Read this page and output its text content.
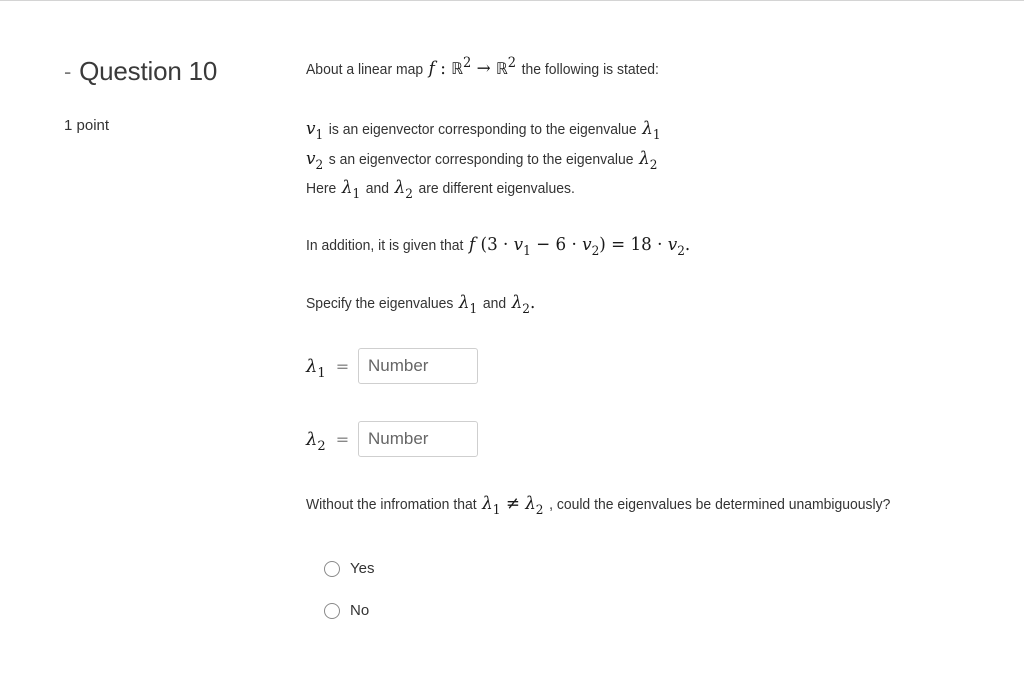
- Question 10
1 point
About a linear map f : ℝ$^2$ → ℝ$^2$ the following is stated:
$v_1$ is an eigenvector corresponding to the eigenvalue $\lambda_1$
$v_2$ s an eigenvector corresponding to the eigenvalue $\lambda_2$
Here $\lambda_1$ and $\lambda_2$ are different eigenvalues.
In addition, it is given that f $(3 \cdot v_1 - 6 \cdot v_2) = 18 \cdot v_2$.
Specify the eigenvalues $\lambda_1$ and $\lambda_2$.
$\lambda_1$ =
Number
$\lambda_2$ =
Number
Without the infromation that $\lambda_1 \ne \lambda_2$ , could the eigenvalues be determined unambiguously?
Yes
No
